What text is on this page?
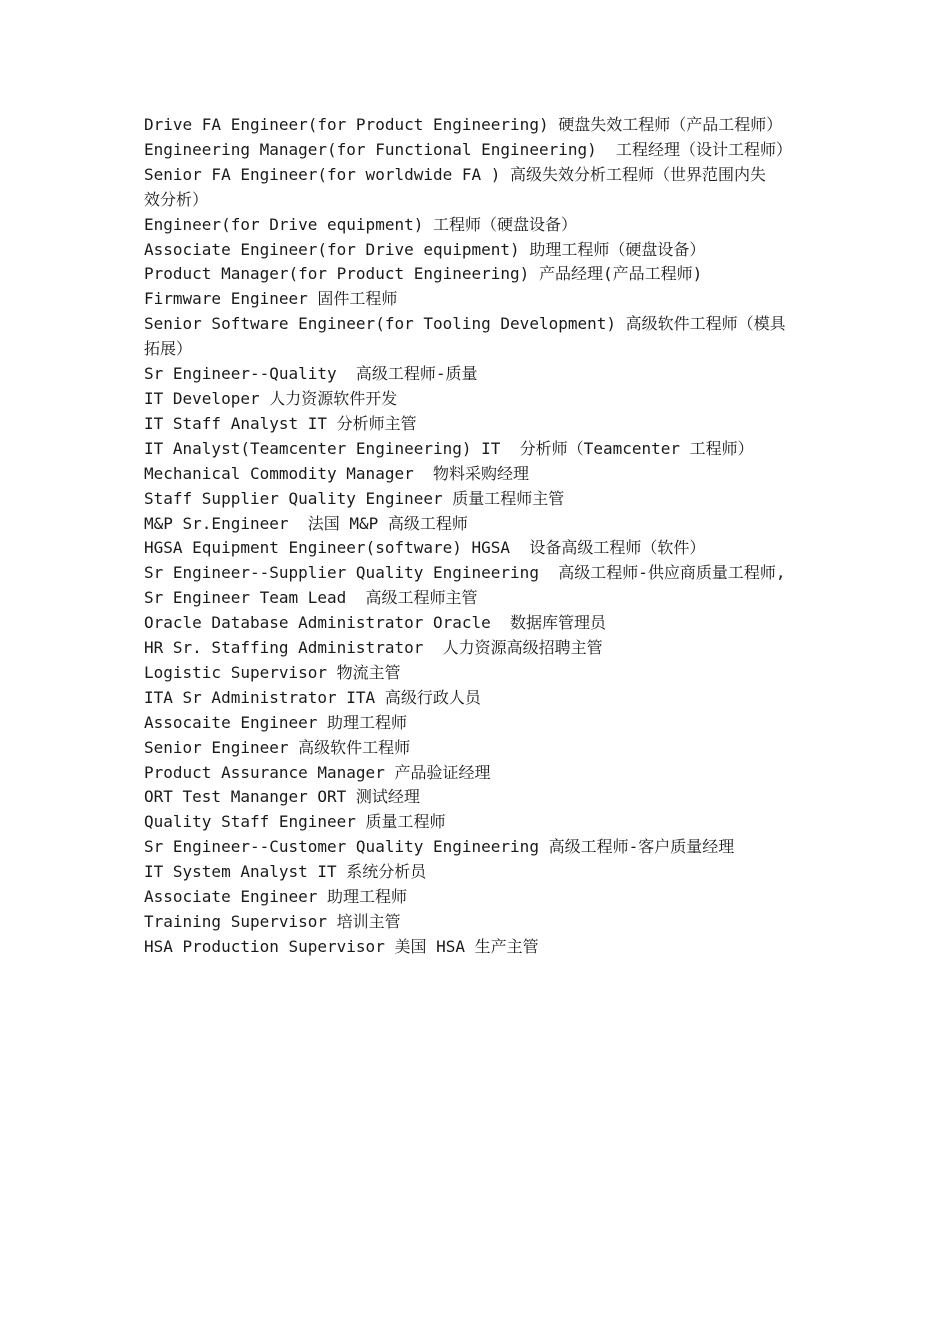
Drive FA Engineer(for Product Engineering) 硬盘失效工程师（产品工程师）
Engineering Manager(for Functional Engineering)  工程经理（设计工程师）
Senior FA Engineer(for worldwide FA ) 高级失效分析工程师（世界范围内失
效分析）
Engineer(for Drive equipment) 工程师（硬盘设备）
Associate Engineer(for Drive equipment) 助理工程师（硬盘设备）
Product Manager(for Product Engineering) 产品经理(产品工程师)
Firmware Engineer 固件工程师
Senior Software Engineer(for Tooling Development) 高级软件工程师（模具
拓展）
Sr Engineer--Quality  高级工程师-质量
IT Developer 人力资源软件开发
IT Staff Analyst IT 分析师主管
IT Analyst(Teamcenter Engineering) IT  分析师（Teamcenter 工程师）
Mechanical Commodity Manager  物料采购经理
Staff Supplier Quality Engineer 质量工程师主管
M&P Sr.Engineer  法国 M&P 高级工程师
HGSA Equipment Engineer(software) HGSA  设备高级工程师（软件）
Sr Engineer--Supplier Quality Engineering  高级工程师-供应商质量工程师,
Sr Engineer Team Lead  高级工程师主管
Oracle Database Administrator Oracle  数据库管理员
HR Sr. Staffing Administrator  人力资源高级招聘主管
Logistic Supervisor 物流主管
ITA Sr Administrator ITA 高级行政人员
Assocaite Engineer 助理工程师
Senior Engineer 高级软件工程师
Product Assurance Manager 产品验证经理
ORT Test Mananger ORT 测试经理
Quality Staff Engineer 质量工程师
Sr Engineer--Customer Quality Engineering 高级工程师-客户质量经理
IT System Analyst IT 系统分析员
Associate Engineer 助理工程师
Training Supervisor 培训主管
HSA Production Supervisor 美国 HSA 生产主管
